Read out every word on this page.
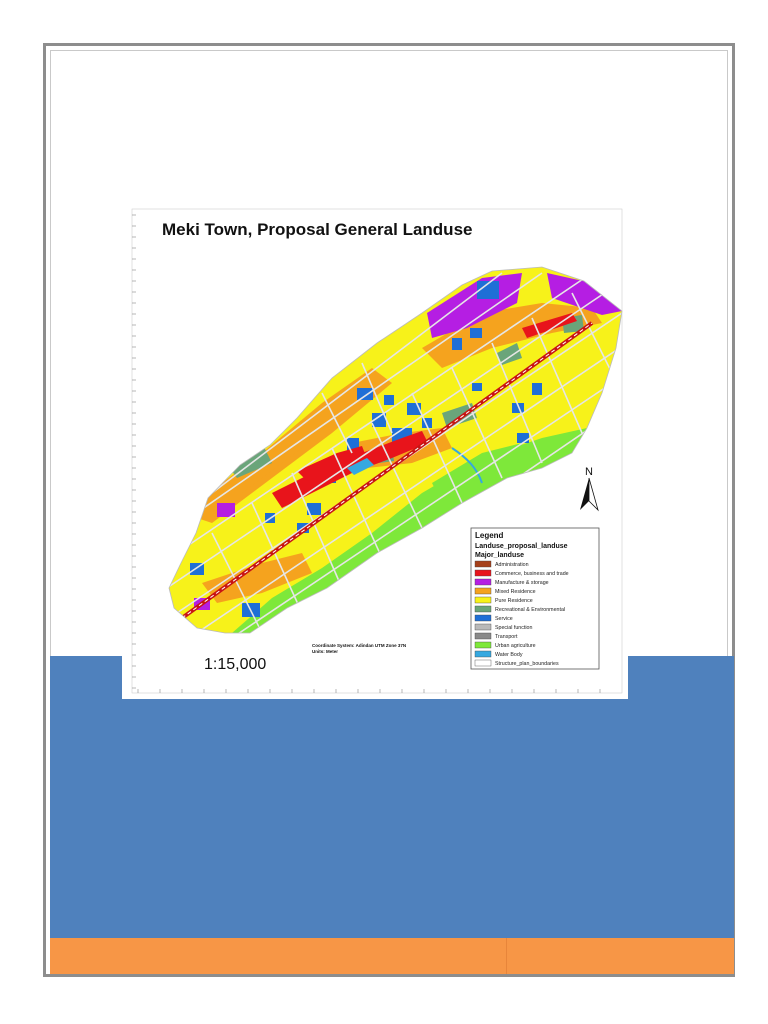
Meki Town, Proposal General Landuse
N
Legend
Landuse_proposal_landuse
Major_landuse
Administration
Commerce, business and trade
Manufacture & storage
Mixed Residence
Pure Residence
Recreational & Environmental
Service
Special function
Transport
Urban agriculture
Water Body
Structure_plan_boundaries
Coordinate System: Adindan UTM Zone 37N
Units: Meter
1:15,000
